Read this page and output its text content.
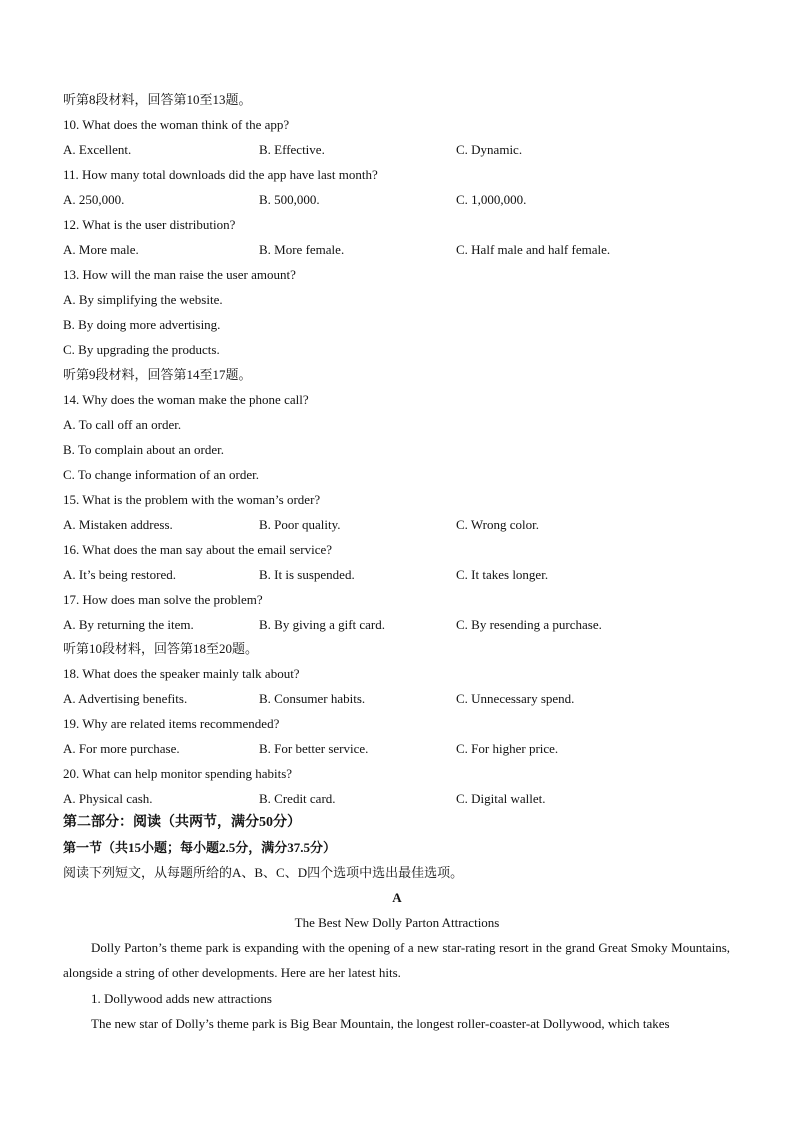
听第8段材料，回答第10至13题。
10. What does the woman think of the app?
A. Excellent.	B. Effective.	C. Dynamic.
11. How many total downloads did the app have last month?
A. 250,000.	B. 500,000.	C. 1,000,000.
12. What is the user distribution?
A. More male.	B. More female.	C. Half male and half female.
13. How will the man raise the user amount?
A. By simplifying the website.
B. By doing more advertising.
C. By upgrading the products.
听第9段材料，回答第14至17题。
14. Why does the woman make the phone call?
A. To call off an order.
B. To complain about an order.
C. To change information of an order.
15. What is the problem with the woman’s order?
A. Mistaken address.	B. Poor quality.	C. Wrong color.
16. What does the man say about the email service?
A. It’s being restored.	B. It is suspended.	C. It takes longer.
17. How does man solve the problem?
A. By returning the item.	B. By giving a gift card.	C. By resending a purchase.
听第10段材料，回答第18至20题。
18. What does the speaker mainly talk about?
A. Advertising benefits.	B. Consumer habits.	C. Unnecessary spend.
19. Why are related items recommended?
A. For more purchase.	B. For better service.	C. For higher price.
20. What can help monitor spending habits?
A. Physical cash.	B. Credit card.	C. Digital wallet.
第二部分：阅读（共两节，满分50分）
第一节（共15小题；每小题2.5分，满分37.5分）
阅读下列短文，从每题所给的A、B、C、D四个选项中选出最佳选项。
A
The Best New Dolly Parton Attractions
Dolly Parton’s theme park is expanding with the opening of a new star-rating resort in the grand Great Smoky Mountains, alongside a string of other developments. Here are her latest hits.
1. Dollywood adds new attractions
The new star of Dolly’s theme park is Big Bear Mountain, the longest roller-coaster-at Dollywood, which takes
